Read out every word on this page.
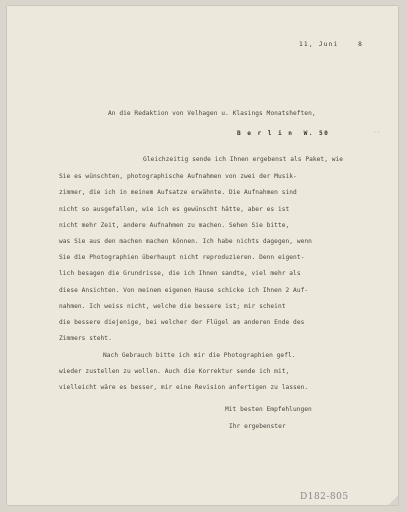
11, Juni    8
An die Redaktion von Velhagen u. Klasings Monatsheften,
B e r l i n  W. 50	˙˙
Gleichzeitig sende ich Ihnen ergebenst als Paket, wie
Sie es wünschten, photographische Aufnahmen von zwei der Musik-
zimmer, die ich in meinem Aufsatze erwähnte. Die Aufnahmen sind
nicht so ausgefallen, wie ich es gewünscht hätte, aber es ist
nicht mehr Zeit, andere Aufnahmen zu machen. Sehen Sie bitte,
was Sie aus den machen machen können. Ich habe nichts dagegen, wenn
Sie die Photographien überhaupt nicht reproduzieren. Denn eigent-
lich besagen die Grundrisse, die ich Ihnen sandte, viel mehr als
diese Ansichten. Von meinem eigenen Hause schicke ich Ihnen 2 Auf-
nahmen. Ich weiss nicht, welche die bessere ist; mir scheint
die bessere diejenige, bei welcher der Flügel am anderen Ende des
Zimmers steht.
Nach Gebrauch bitte ich mir die Photographien gefl.
wieder zustellen zu wollen. Auch die Korrektur sende ich mit,
vielleicht wäre es besser, mir eine Revision anfertigen zu lassen.
Mit besten Empfehlungen
Ihr ergebenster
D182-805
